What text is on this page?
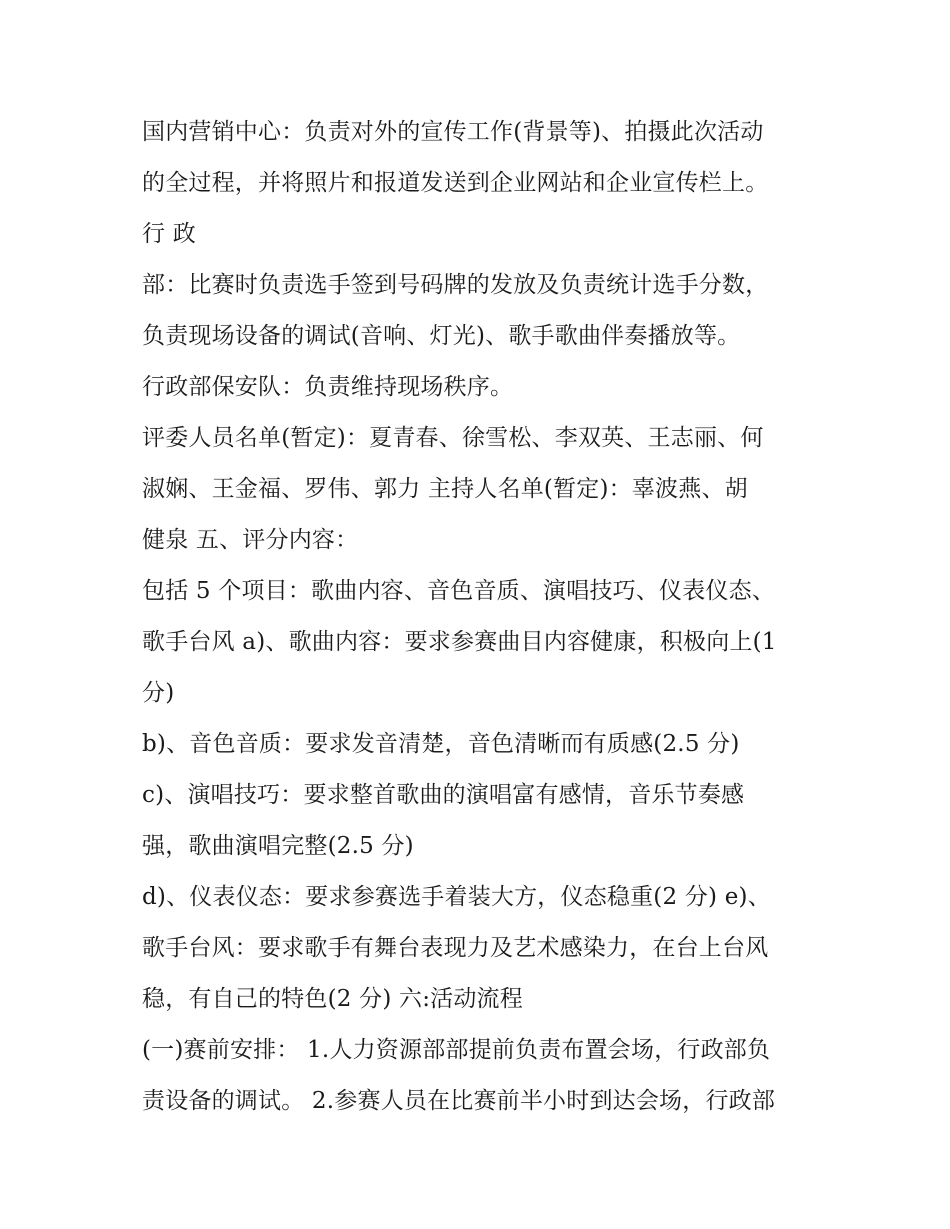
国内营销中心：负责对外的宣传工作(背景等)、拍摄此次活动
的全过程，并将照片和报道发送到企业网站和企业宣传栏上。
行 政
部：比赛时负责选手签到号码牌的发放及负责统计选手分数，
负责现场设备的调试(音响、灯光)、歌手歌曲伴奏播放等。
行政部保安队：负责维持现场秩序。
评委人员名单(暂定)：夏青春、徐雪松、李双英、王志丽、何
淑娴、王金福、罗伟、郭力 主持人名单(暂定)：辜波燕、胡
健泉 五、评分内容：
包括 5 个项目：歌曲内容、音色音质、演唱技巧、仪表仪态、
歌手台风 a)、歌曲内容：要求参赛曲目内容健康，积极向上(1
分)
b)、音色音质：要求发音清楚，音色清晰而有质感(2.5 分)
c)、演唱技巧：要求整首歌曲的演唱富有感情，音乐节奏感
强，歌曲演唱完整(2.5 分)
d)、仪表仪态：要求参赛选手着装大方，仪态稳重(2 分) e)、
歌手台风：要求歌手有舞台表现力及艺术感染力，在台上台风
稳，有自己的特色(2 分) 六:活动流程
(一)赛前安排： 1.人力资源部部提前负责布置会场，行政部负
责设备的调试。 2.参赛人员在比赛前半小时到达会场，行政部
